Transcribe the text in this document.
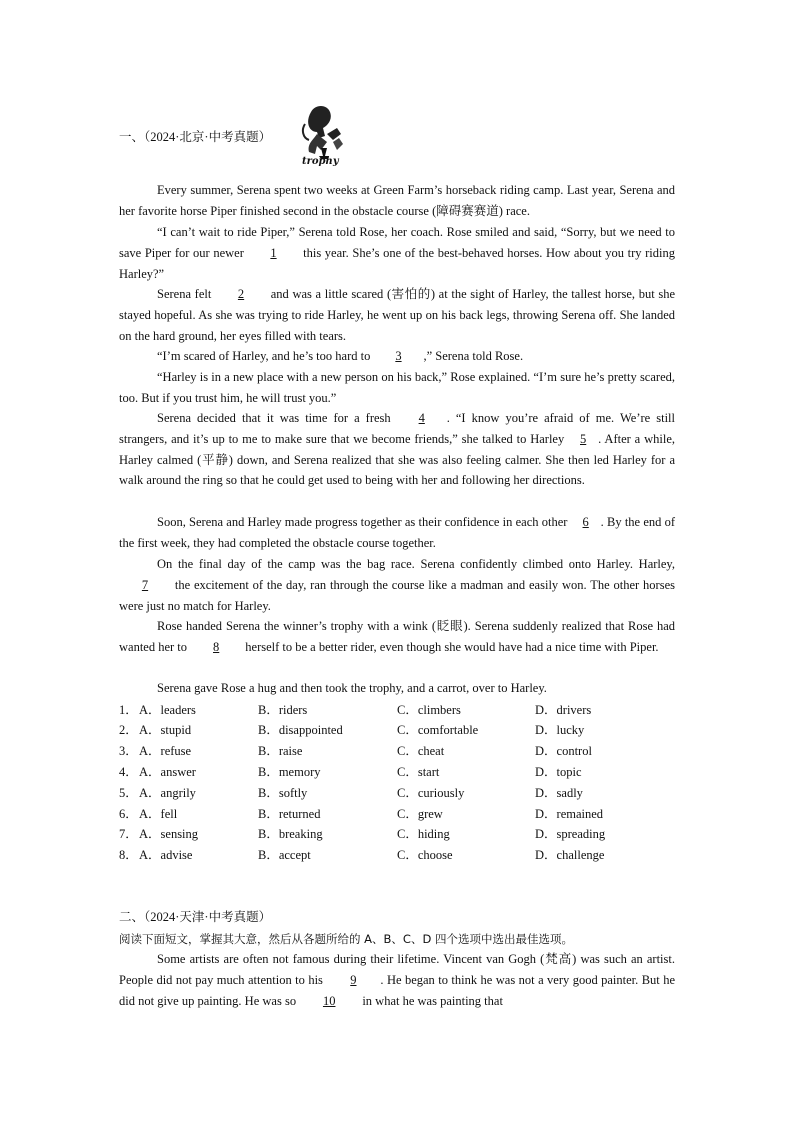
一、（2024·北京·中考真题）
trophy
Every summer, Serena spent two weeks at Green Farm’s horseback riding camp. Last year, Serena and her favorite horse Piper finished second in the obstacle course (障碍赛赛道) race.
“I can’t wait to ride Piper,” Serena told Rose, her coach. Rose smiled and said, “Sorry, but we need to save Piper for our newer 1 this year. She’s one of the best-behaved horses. How about you try riding Harley?”
Serena felt 2 and was a little scared (害怕的) at the sight of Harley, the tallest horse, but she stayed hopeful. As she was trying to ride Harley, he went up on his back legs, throwing Serena off. She landed on the hard ground, her eyes filled with tears.
“I’m scared of Harley, and he’s too hard to 3 ,” Serena told Rose.
“Harley is in a new place with a new person on his back,” Rose explained. “I’m sure he’s pretty scared, too. But if you trust him, he will trust you.”
Serena decided that it was time for a fresh 4 . “I know you’re afraid of me. We’re still strangers, and it’s up to me to make sure that we become friends,” she talked to Harley 5 . After a while, Harley calmed (平静) down, and Serena realized that she was also feeling calmer. She then led Harley for a walk around the ring so that he could get used to being with her and following her directions.
Soon, Serena and Harley made progress together as their confidence in each other 6 . By the end of the first week, they had completed the obstacle course together.
On the final day of the camp was the bag race. Serena confidently climbed onto Harley. Harley, 7 the excitement of the day, ran through the course like a madman and easily won. The other horses were just no match for Harley.
Rose handed Serena the winner’s trophy with a wink (眨眼). Serena suddenly realized that Rose had wanted her to 8 herself to be a better rider, even though she would have had a nice time with Piper.
Serena gave Rose a hug and then took the trophy, and a carrot, over to Harley.
1． A．leaders	B．riders	C．climbers	D．drivers
2． A．stupid	B．disappointed	C．comfortable	D．lucky
3． A．refuse	B．raise	C．cheat	D．control
4． A．answer	B．memory	C．start	D．topic
5． A．angrily	B．softly	C．curiously	D．sadly
6． A．fell	B．returned	C．grew	D．remained
7． A．sensing	B．breaking	C．hiding	D．spreading
8． A．advise	B．accept	C．choose	D．challenge
二、（2024·天津·中考真题）
阅读下面短文，掌握其大意，然后从各题所给的 A、B、C、D 四个选项中选出最佳选项。
Some artists are often not famous during their lifetime. Vincent van Gogh (梵高) was such an artist. People did not pay much attention to his 9 . He began to think he was not a very good painter. But he did not give up painting. He was so 10 in what he was painting that
